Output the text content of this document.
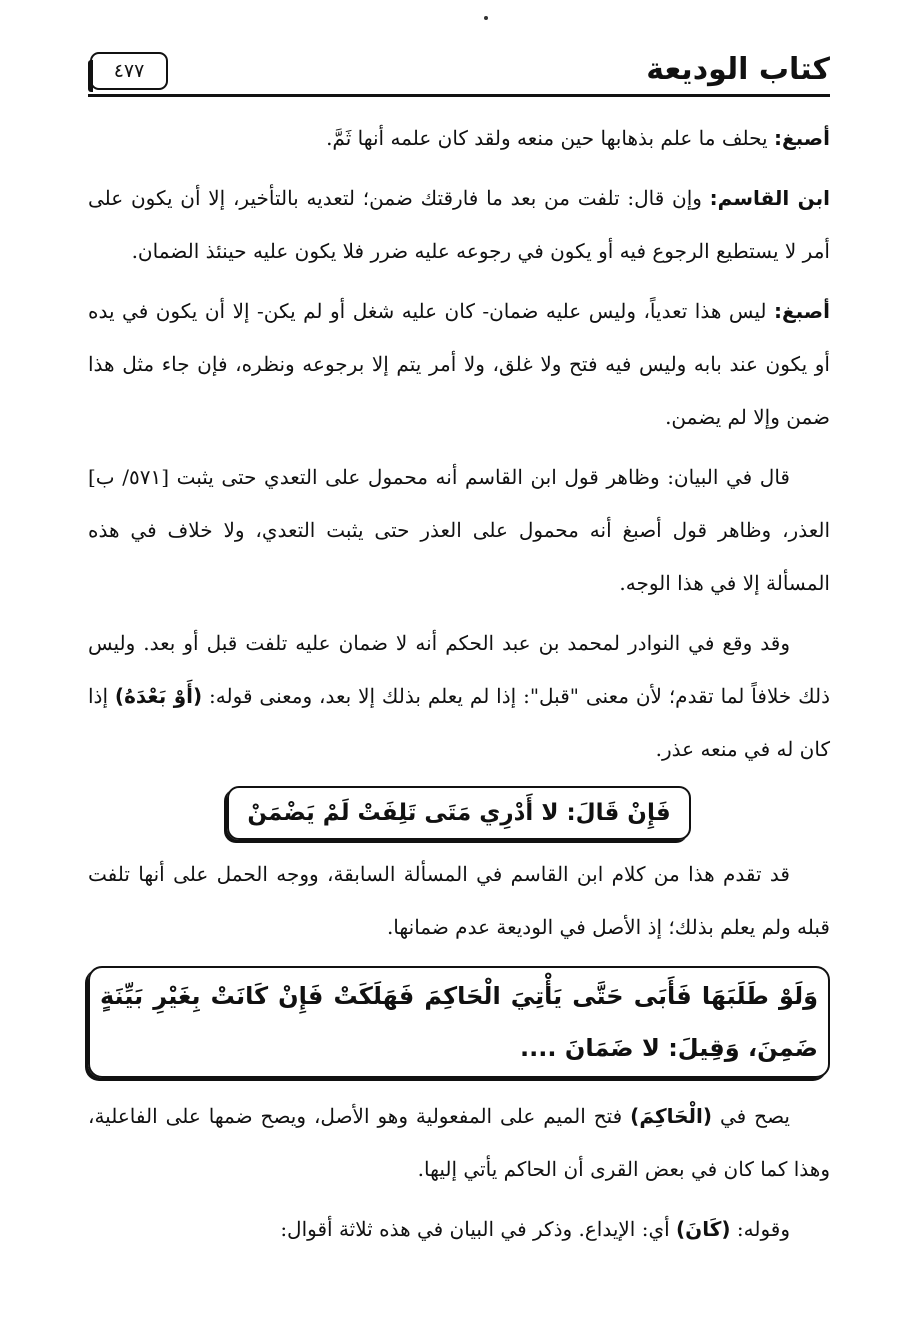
كتاب الوديعة
٤٧٧

أصبغ: يحلف ما علم بذهابها حين منعه ولقد كان علمه أنها ثَمَّ.

ابن القاسم: وإن قال: تلفت من بعد ما فارقتك ضمن؛ لتعديه بالتأخير، إلا أن يكون على أمر لا يستطيع الرجوع فيه أو يكون في رجوعه عليه ضرر فلا يكون عليه حينئذ الضمان.

أصبغ: ليس هذا تعدياً، وليس عليه ضمان- كان عليه شغل أو لم يكن- إلا أن يكون في يده أو يكون عند بابه وليس فيه فتح ولا غلق، ولا أمر يتم إلا برجوعه ونظره، فإن جاء مثل هذا ضمن وإلا لم يضمن.

قال في البيان: وظاهر قول ابن القاسم أنه محمول على التعدي حتى يثبت [٥٧١/ ب] العذر، وظاهر قول أصبغ أنه محمول على العذر حتى يثبت التعدي، ولا خلاف في هذه المسألة إلا في هذا الوجه.

وقد وقع في النوادر لمحمد بن عبد الحكم أنه لا ضمان عليه تلفت قبل أو بعد. وليس ذلك خلافاً لما تقدم؛ لأن معنى "قبل": إذا لم يعلم بذلك إلا بعد، ومعنى قوله: (أَوْ بَعْدَهُ) إذا كان له في منعه عذر.

فَإِنْ قَالَ: لا أَدْرِي مَتَى تَلِفَتْ لَمْ يَضْمَنْ

قد تقدم هذا من كلام ابن القاسم في المسألة السابقة، ووجه الحمل على أنها تلفت قبله ولم يعلم بذلك؛ إذ الأصل في الوديعة عدم ضمانها.

وَلَوْ طَلَبَهَا فَأَبَى حَتَّى يَأْتِيَ الْحَاكِمَ فَهَلَكَتْ فَإِنْ كَانَتْ بِغَيْرِ بَيِّنَةٍ ضَمِنَ، وَقِيلَ: لا ضَمَانَ ....

يصح في (الْحَاكِمَ) فتح الميم على المفعولية وهو الأصل، ويصح ضمها على الفاعلية، وهذا كما كان في بعض القرى أن الحاكم يأتي إليها.

وقوله: (كَانَ) أي: الإيداع. وذكر في البيان في هذه ثلاثة أقوال:
